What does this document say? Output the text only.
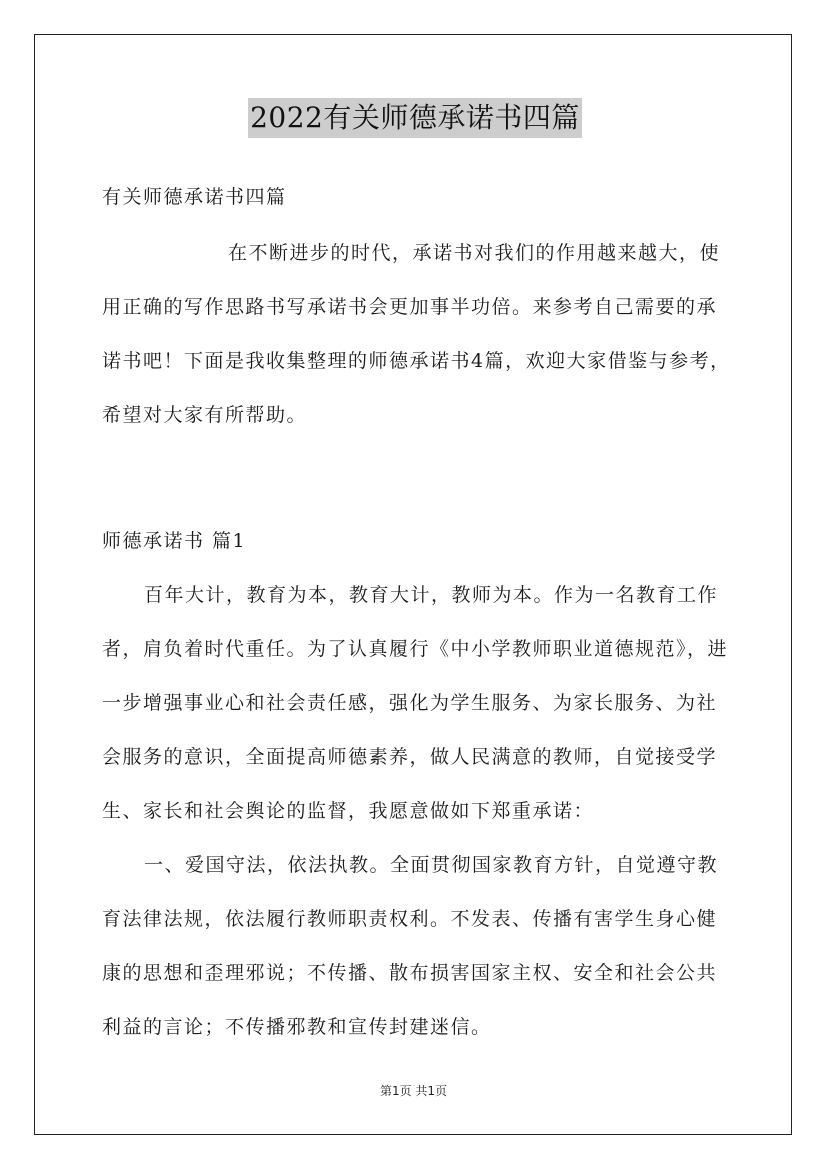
2022有关师德承诺书四篇
有关师德承诺书四篇
在不断进步的时代，承诺书对我们的作用越来越大，使
用正确的写作思路书写承诺书会更加事半功倍。来参考自己需要的承
诺书吧！下面是我收集整理的师德承诺书4篇，欢迎大家借鉴与参考，
希望对大家有所帮助。
师德承诺书 篇1
百年大计，教育为本，教育大计，教师为本。作为一名教育工作
者，肩负着时代重任。为了认真履行《中小学教师职业道德规范》，进
一步增强事业心和社会责任感，强化为学生服务、为家长服务、为社
会服务的意识，全面提高师德素养，做人民满意的教师，自觉接受学
生、家长和社会舆论的监督，我愿意做如下郑重承诺：
一、爱国守法，依法执教。全面贯彻国家教育方针，自觉遵守教
育法律法规，依法履行教师职责权利。不发表、传播有害学生身心健
康的思想和歪理邪说；不传播、散布损害国家主权、安全和社会公共
利益的言论；不传播邪教和宣传封建迷信。
第1页 共1页
